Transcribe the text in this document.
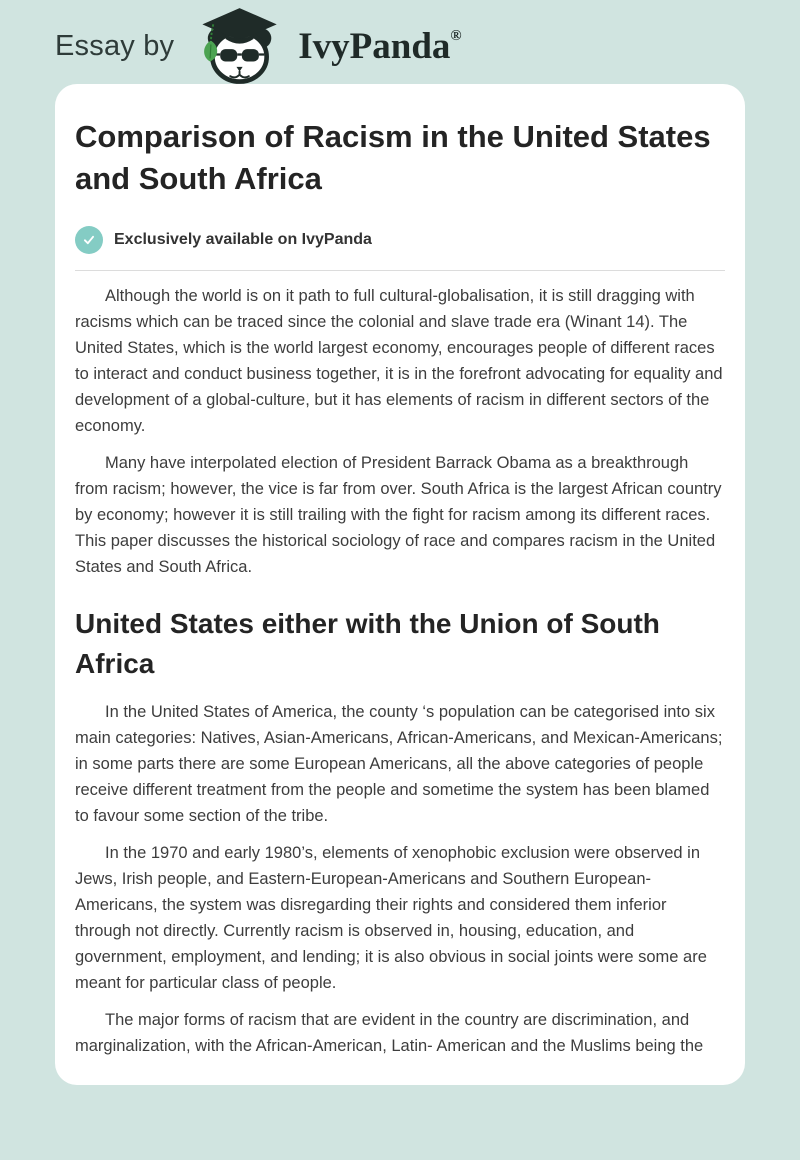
Essay by	IvyPanda®
Comparison of Racism in the United States and South Africa
Exclusively available on IvyPanda

Although the world is on it path to full cultural-globalisation, it is still dragging with racisms which can be traced since the colonial and slave trade era (Winant 14). The United States, which is the world largest economy, encourages people of different races to interact and conduct business together, it is in the forefront advocating for equality and development of a global-culture, but it has elements of racism in different sectors of the economy.

Many have interpolated election of President Barrack Obama as a breakthrough from racism; however, the vice is far from over. South Africa is the largest African country by economy; however it is still trailing with the fight for racism among its different races. This paper discusses the historical sociology of race and compares racism in the United States and South Africa.

United States either with the Union of South Africa

In the United States of America, the county ‘s population can be categorised into six main categories: Natives, Asian-Americans, African-Americans, and Mexican-Americans; in some parts there are some European Americans, all the above categories of people receive different treatment from the people and sometime the system has been blamed to favour some section of the tribe.

In the 1970 and early 1980’s, elements of xenophobic exclusion were observed in Jews, Irish people, and Eastern-European-Americans and Southern European-Americans, the system was disregarding their rights and considered them inferior through not directly. Currently racism is observed in, housing, education, and government, employment, and lending; it is also obvious in social joints were some are meant for particular class of people.

The major forms of racism that are evident in the country are discrimination, and marginalization, with the African-American, Latin- American and the Muslims being the
